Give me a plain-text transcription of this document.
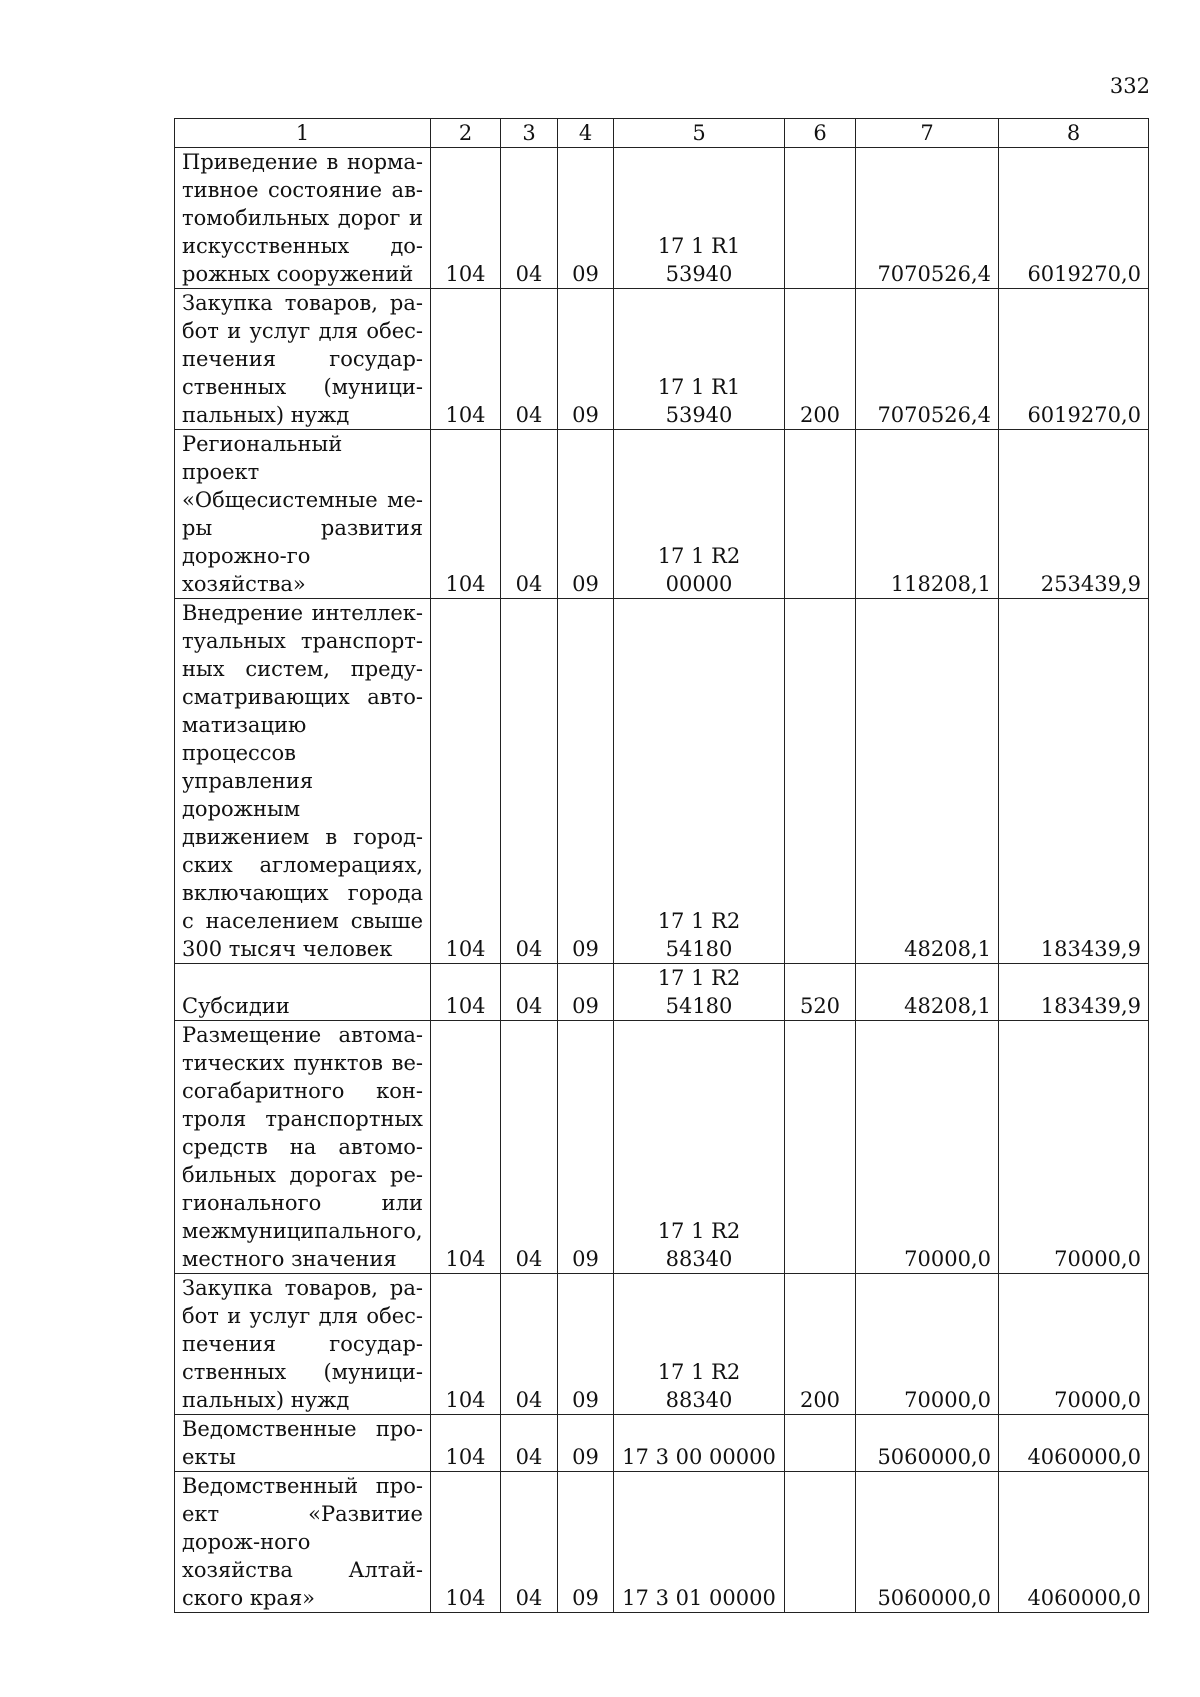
332
1	2	3	4	5	6	7	8
Приведение в норма-тивное состояние ав-томобильных дорог и искусственных до-рожных сооружений	104	04	09	17 1 R1 53940		7070526,4	6019270,0
Закупка товаров, ра-бот и услуг для обес-печения государ-ственных (муници-пальных) нужд	104	04	09	17 1 R1 53940	200	7070526,4	6019270,0
Региональный проект «Общесистемные ме-ры развития дорожно-го хозяйства»	104	04	09	17 1 R2 00000		118208,1	253439,9
Внедрение интеллек-туальных транспорт-ных систем, преду-сматривающих авто-матизацию процессов управления дорожным движением в город-ских агломерациях, включающих города с населением свыше 300 тысяч человек	104	04	09	17 1 R2 54180		48208,1	183439,9
Субсидии	104	04	09	17 1 R2 54180	520	48208,1	183439,9
Размещение автома-тических пунктов ве-согабаритного кон-троля транспортных средств на автомо-бильных дорогах ре-гионального или межмуниципального, местного значения	104	04	09	17 1 R2 88340		70000,0	70000,0
Закупка товаров, ра-бот и услуг для обес-печения государ-ственных (муници-пальных) нужд	104	04	09	17 1 R2 88340	200	70000,0	70000,0
Ведомственные про-екты	104	04	09	17 3 00 00000		5060000,0	4060000,0
Ведомственный про-ект «Развитие дорож-ного хозяйства Алтай-ского края»	104	04	09	17 3 01 00000		5060000,0	4060000,0
